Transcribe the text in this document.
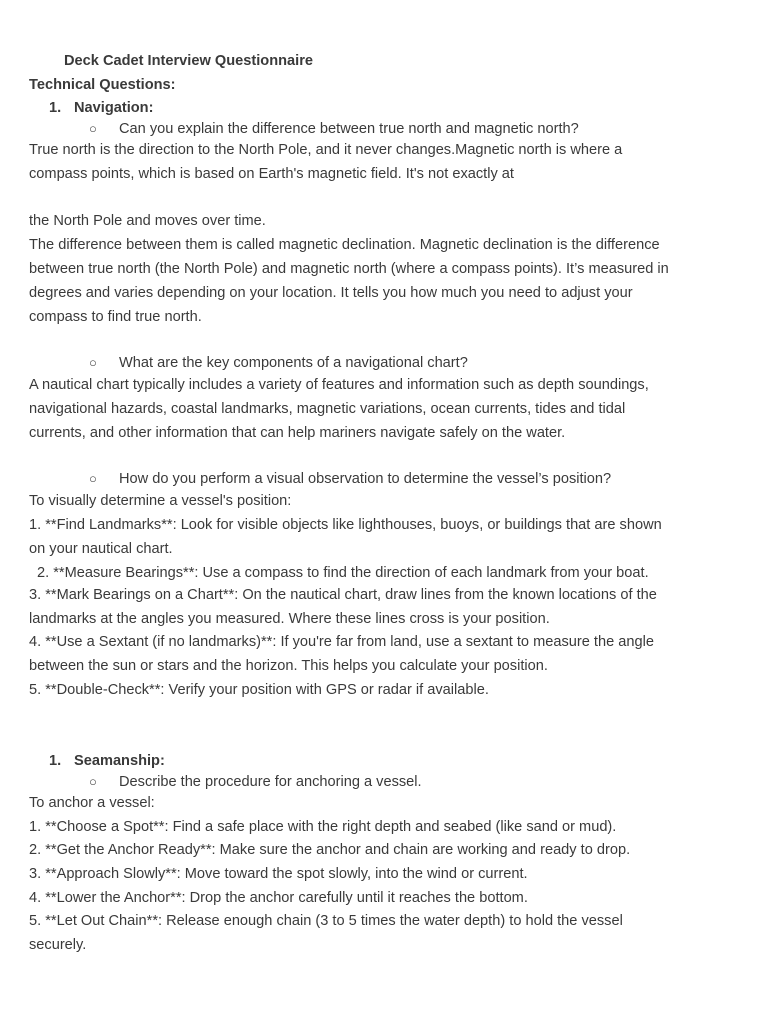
Deck Cadet Interview Questionnaire
Technical Questions:
1. Navigation:
○ Can you explain the difference between true north and magnetic north?
True north is the direction to the North Pole, and it never changes.Magnetic north is where a
compass points, which is based on Earth's magnetic field. It's not exactly at
the North Pole and moves over time.
The difference between them is called magnetic declination. Magnetic declination is the difference
between true north (the North Pole) and magnetic north (where a compass points). It’s measured in
degrees and varies depending on your location. It tells you how much you need to adjust your
compass to find true north.
○ What are the key components of a navigational chart?
A nautical chart typically includes a variety of features and information such as depth soundings,
navigational hazards, coastal landmarks, magnetic variations, ocean currents, tides and tidal
currents, and other information that can help mariners navigate safely on the water.
○ How do you perform a visual observation to determine the vessel’s position?
To visually determine a vessel's position:
1. **Find Landmarks**: Look for visible objects like lighthouses, buoys, or buildings that are shown
on your nautical chart.
2. **Measure Bearings**: Use a compass to find the direction of each landmark from your boat.
3. **Mark Bearings on a Chart**: On the nautical chart, draw lines from the known locations of the
landmarks at the angles you measured. Where these lines cross is your position.
4. **Use a Sextant (if no landmarks)**: If you're far from land, use a sextant to measure the angle
between the sun or stars and the horizon. This helps you calculate your position.
5. **Double-Check**: Verify your position with GPS or radar if available.
1. Seamanship:
○ Describe the procedure for anchoring a vessel.
To anchor a vessel:
1. **Choose a Spot**: Find a safe place with the right depth and seabed (like sand or mud).
2. **Get the Anchor Ready**: Make sure the anchor and chain are working and ready to drop.
3. **Approach Slowly**: Move toward the spot slowly, into the wind or current.
4. **Lower the Anchor**: Drop the anchor carefully until it reaches the bottom.
5. **Let Out Chain**: Release enough chain (3 to 5 times the water depth) to hold the vessel
securely.
